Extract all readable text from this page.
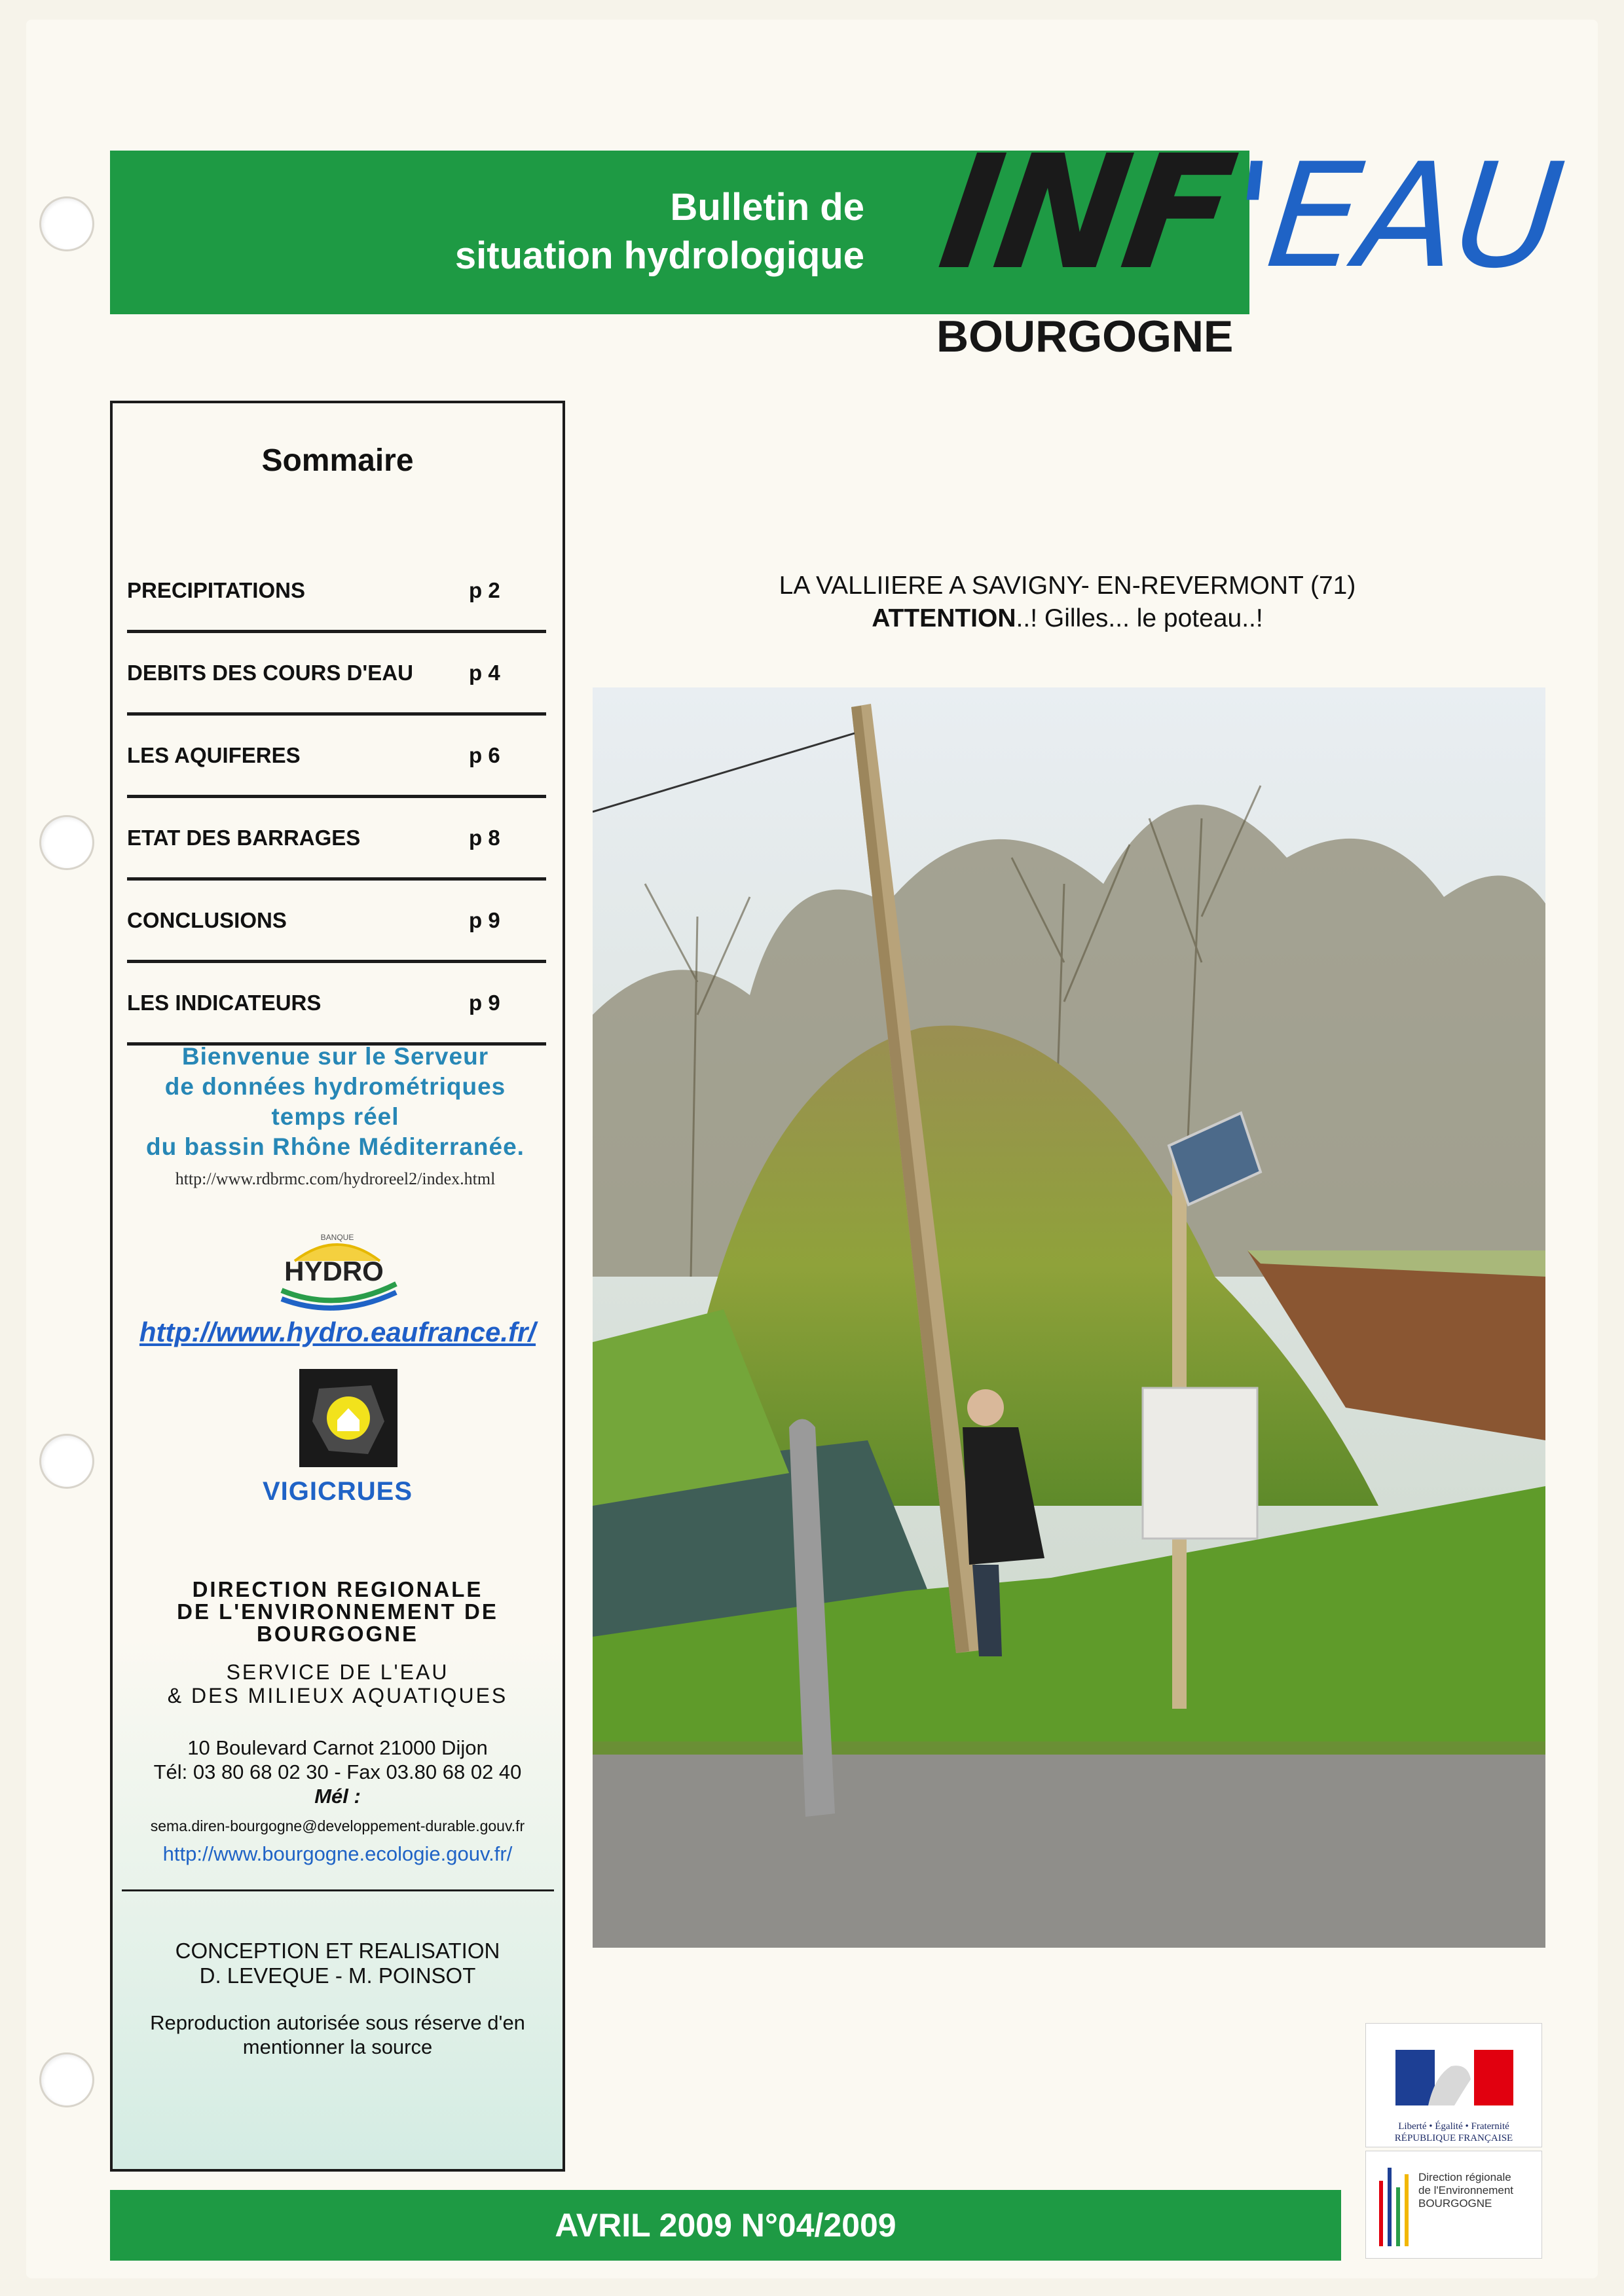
Bulletin de
situation hydrologique INF
'EAU
BOURGOGNE
Sommaire
PRECIPITATIONS	p 2
DEBITS DES COURS D'EAU	p 4
LES AQUIFERES	p 6
ETAT DES BARRAGES	p 8
CONCLUSIONS	p 9
LES INDICATEURS	p 9
Bienvenue sur le Serveur
de données hydrométriques
temps réel
du bassin Rhône Méditerranée.
http://www.rdbrmc.com/hydroreel2/index.html
BANQUE
HYDRO
http://www.hydro.eaufrance.fr/
VIGICRUES
DIRECTION REGIONALE
DE L'ENVIRONNEMENT DE
BOURGOGNE
SERVICE DE L'EAU
& DES MILIEUX AQUATIQUES
10 Boulevard Carnot 21000 Dijon
Tél: 03 80 68 02 30 - Fax 03.80 68 02 40
Mél :
sema.diren-bourgogne@developpement-durable.gouv.fr
http://www.bourgogne.ecologie.gouv.fr/
CONCEPTION ET REALISATION
D. LEVEQUE - M. POINSOT
Reproduction autorisée sous réserve d'en
mentionner la source
LA VALLIIERE A SAVIGNY- EN-REVERMONT (71)
ATTENTION..! Gilles... le poteau..!
AVRIL 2009 N°04/2009
Liberté • Égalité • Fraternité
RÉPUBLIQUE FRANÇAISE
Direction régionale
de l'Environnement
BOURGOGNE
